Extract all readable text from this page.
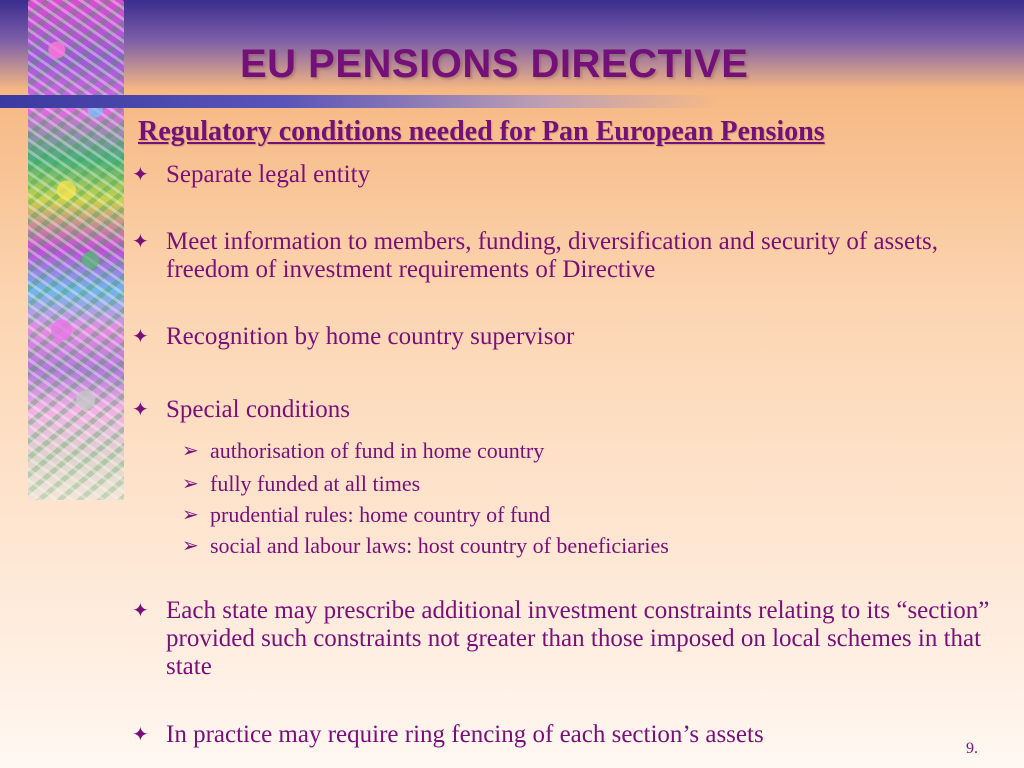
EU PENSIONS DIRECTIVE
Regulatory conditions needed for Pan European Pensions
✦ Separate legal entity
✦ Meet information to members, funding, diversification and security of assets, freedom of investment requirements of Directive
✦ Recognition by home country supervisor
✦ Special conditions
➢ authorisation of fund in home country
➢ fully funded at all times
➢ prudential rules: home country of fund
➢ social and labour laws: host country of beneficiaries
✦ Each state may prescribe additional investment constraints relating to its “section” provided such constraints not greater than those imposed on local schemes in that state
✦ In practice may require ring fencing of each section’s assets
9.
